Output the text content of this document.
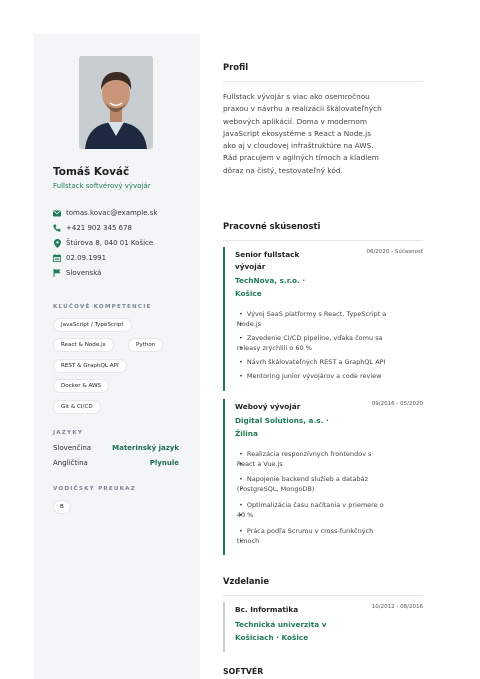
Tomáš Kováč
Fullstack softvérový vývojár
tomas.kovac@example.sk
+421 902 345 678
Štúrova 8, 040 01 Košice
02.09.1991
Slovenská
KĽÚČOVÉ KOMPETENCIE
JavaScript / TypeScript
React & Node.js	Python
REST & GraphQL API
Docker & AWS
Git & CI/CD
JAZYKY
Slovenčina	Materinský jazyk
Angličtina	Plynule
VODIČSKÝ PREUKAZ
B
Profil
Fullstack vývojár s viac ako osemročnou
praxou v návrhu a realizácii škálovateľných
webových aplikácií. Doma v modernom
JavaScript ekosystéme s React a Node.js
ako aj v cloudovej infraštruktúre na AWS.
Rád pracujem v agilných tímoch a kladiem
dôraz na čistý, testovateľný kód.
Pracovné skúsenosti
Senior fullstack
vývojár
TechNova, s.r.o. ·
Košice
06/2020 - Súčasnosť
• Vývoj SaaS platformy s React, TypeScript a
• Node.js
• Zavedenie CI/CD pipeline, vďaka čomu sa
• releasy zrýchlili o 60 %
• Návrh škálovateľných REST a GraphQL API
• Mentoring junior vývojárov a code review
Webový vývojár
Digital Solutions, a.s. ·
Žilina
09/2016 - 05/2020
• Realizácia responzívnych frontendov s
• React a Vue.js
• Napojenie backend služieb a databáz
• (PostgreSQL, MongoDB)
• Optimalizácia času načítania v priemere o
• 40 %
• Práca podľa Scrumu v cross-funkčných
• tímoch
Vzdelanie
Bc. Informatika
Technická univerzita v
Košiciach · Košice
10/2012 - 08/2016
SOFTVÉR
